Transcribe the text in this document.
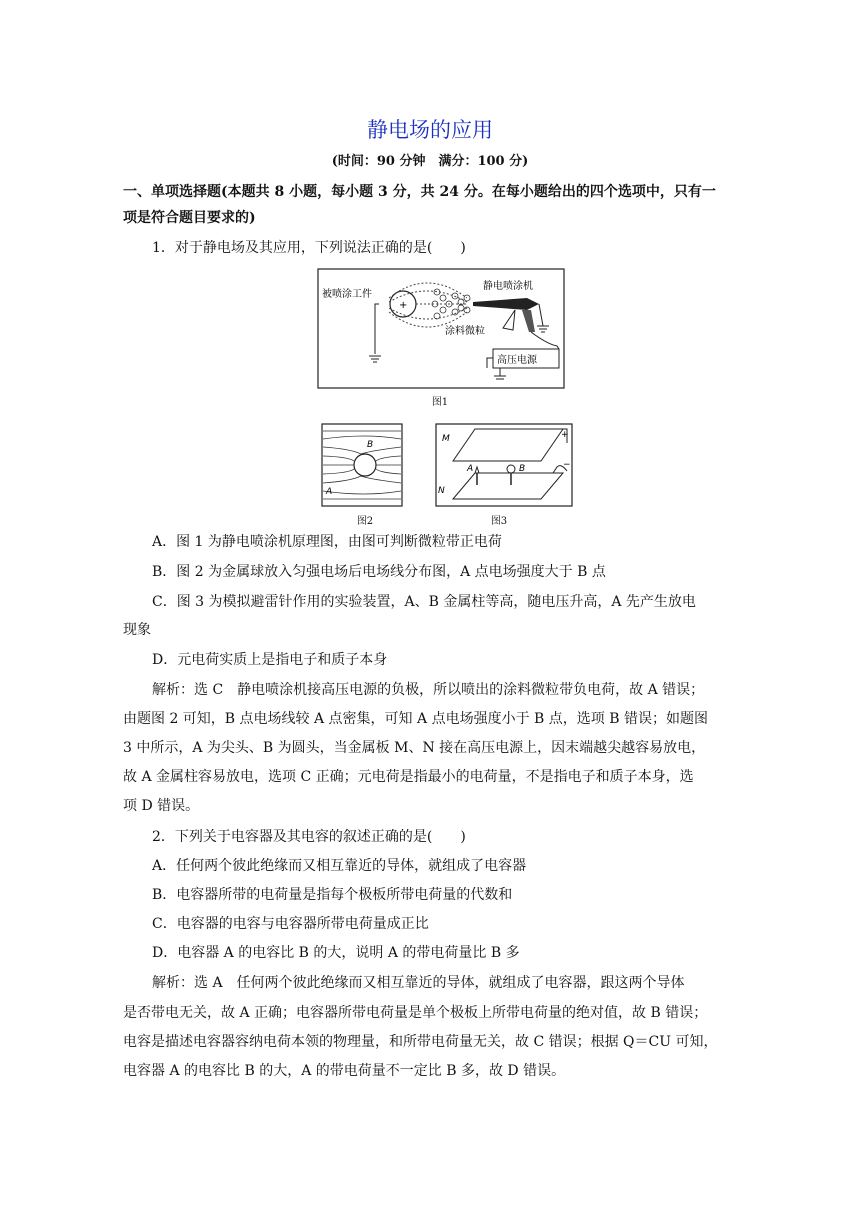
静电场的应用
(时间：90 分钟　满分：100 分)
一、单项选择题(本题共 8 小题，每小题 3 分，共 24 分。在每小题给出的四个选项中，只有一
项是符合题目要求的)
1．对于静电场及其应用，下列说法正确的是(　　)
被喷涂工件
静电喷涂机
涂料微粒
高压电源
+
图1
B
A
图2
M
N
A	B
+
−
图3
A．图 1 为静电喷涂机原理图，由图可判断微粒带正电荷
B．图 2 为金属球放入匀强电场后电场线分布图，A 点电场强度大于 B 点
C．图 3 为模拟避雷针作用的实验装置，A、B 金属柱等高，随电压升高，A 先产生放电
现象
D．元电荷实质上是指电子和质子本身
解析：选 C　静电喷涂机接高压电源的负极，所以喷出的涂料微粒带负电荷，故 A 错误；
由题图 2 可知，B 点电场线较 A 点密集，可知 A 点电场强度小于 B 点，选项 B 错误；如题图
3 中所示，A 为尖头、B 为圆头，当金属板 M、N 接在高压电源上，因末端越尖越容易放电，
故 A 金属柱容易放电，选项 C 正确；元电荷是指最小的电荷量，不是指电子和质子本身，选
项 D 错误。
2．下列关于电容器及其电容的叙述正确的是(　　)
A．任何两个彼此绝缘而又相互靠近的导体，就组成了电容器
B．电容器所带的电荷量是指每个极板所带电荷量的代数和
C．电容器的电容与电容器所带电荷量成正比
D．电容器 A 的电容比 B 的大，说明 A 的带电荷量比 B 多
解析：选 A　任何两个彼此绝缘而又相互靠近的导体，就组成了电容器，跟这两个导体
是否带电无关，故 A 正确；电容器所带电荷量是单个极板上所带电荷量的绝对值，故 B 错误；
电容是描述电容器容纳电荷本领的物理量，和所带电荷量无关，故 C 错误；根据 Q＝CU 可知，
电容器 A 的电容比 B 的大，A 的带电荷量不一定比 B 多，故 D 错误。
